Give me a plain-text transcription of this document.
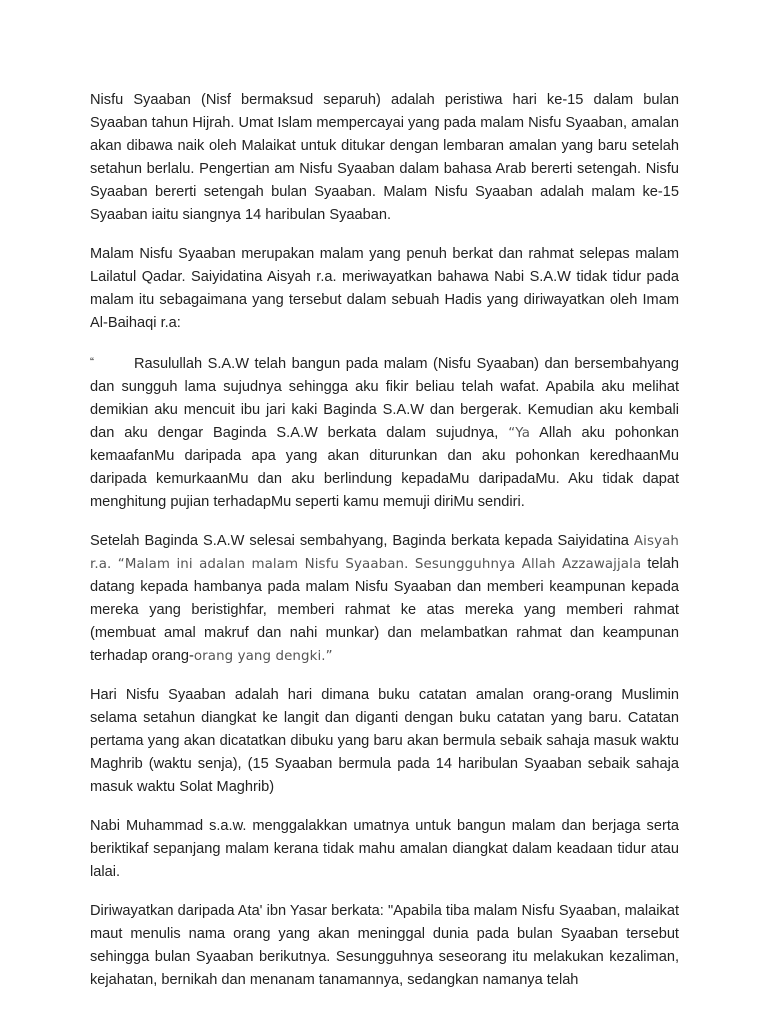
Nisfu Syaaban (Nisf bermaksud separuh) adalah peristiwa hari ke-15 dalam bulan Syaaban tahun Hijrah. Umat Islam mempercayai yang pada malam Nisfu Syaaban, amalan akan dibawa naik oleh Malaikat untuk ditukar dengan lembaran amalan yang baru setelah setahun berlalu. Pengertian am Nisfu Syaaban dalam bahasa Arab bererti setengah. Nisfu Syaaban bererti setengah bulan Syaaban. Malam Nisfu Syaaban adalah malam ke-15 Syaaban iaitu siangnya 14 haribulan Syaaban.

Malam Nisfu Syaaban merupakan malam yang penuh berkat dan rahmat selepas malam Lailatul Qadar. Saiyidatina Aisyah r.a. meriwayatkan bahawa Nabi S.A.W tidak tidur pada malam itu sebagaimana yang tersebut dalam sebuah Hadis yang diriwayatkan oleh Imam Al-Baihaqi r.a:

“	Rasulullah S.A.W telah bangun pada malam (Nisfu Syaaban) dan bersembahyang dan sungguh lama sujudnya sehingga aku fikir beliau telah wafat. Apabila aku melihat demikian aku mencuit ibu jari kaki Baginda S.A.W dan bergerak. Kemudian aku kembali dan aku dengar Baginda S.A.W berkata dalam sujudnya, “Ya Allah aku pohonkan kemaafanMu daripada apa yang akan diturunkan dan aku pohonkan keredhaanMu daripada kemurkaanMu dan aku berlindung kepadaMu daripadaMu. Aku tidak dapat menghitung pujian terhadapMu seperti kamu memuji diriMu sendiri.

Setelah Baginda S.A.W selesai sembahyang, Baginda berkata kepada Saiyidatina Aisyah r.a. “Malam ini adalan malam Nisfu Syaaban. Sesungguhnya Allah Azzawajjala telah datang kepada hambanya pada malam Nisfu Syaaban dan memberi keampunan kepada mereka yang beristighfar, memberi rahmat ke atas mereka yang memberi rahmat (membuat amal makruf dan nahi munkar) dan melambatkan rahmat dan keampunan terhadap orang-orang yang dengki.”

Hari Nisfu Syaaban adalah hari dimana buku catatan amalan orang-orang Muslimin selama setahun diangkat ke langit dan diganti dengan buku catatan yang baru. Catatan pertama yang akan dicatatkan dibuku yang baru akan bermula sebaik sahaja masuk waktu Maghrib (waktu senja), (15 Syaaban bermula pada 14 haribulan Syaaban sebaik sahaja masuk waktu Solat Maghrib)

Nabi Muhammad s.a.w. menggalakkan umatnya untuk bangun malam dan berjaga serta beriktikaf sepanjang malam kerana tidak mahu amalan diangkat dalam keadaan tidur atau lalai.

Diriwayatkan daripada Ata' ibn Yasar berkata: "Apabila tiba malam Nisfu Syaaban, malaikat maut menulis nama orang yang akan meninggal dunia pada bulan Syaaban tersebut sehingga bulan Syaaban berikutnya. Sesungguhnya seseorang itu melakukan kezaliman, kejahatan, bernikah dan menanam tanamannya, sedangkan namanya telah
